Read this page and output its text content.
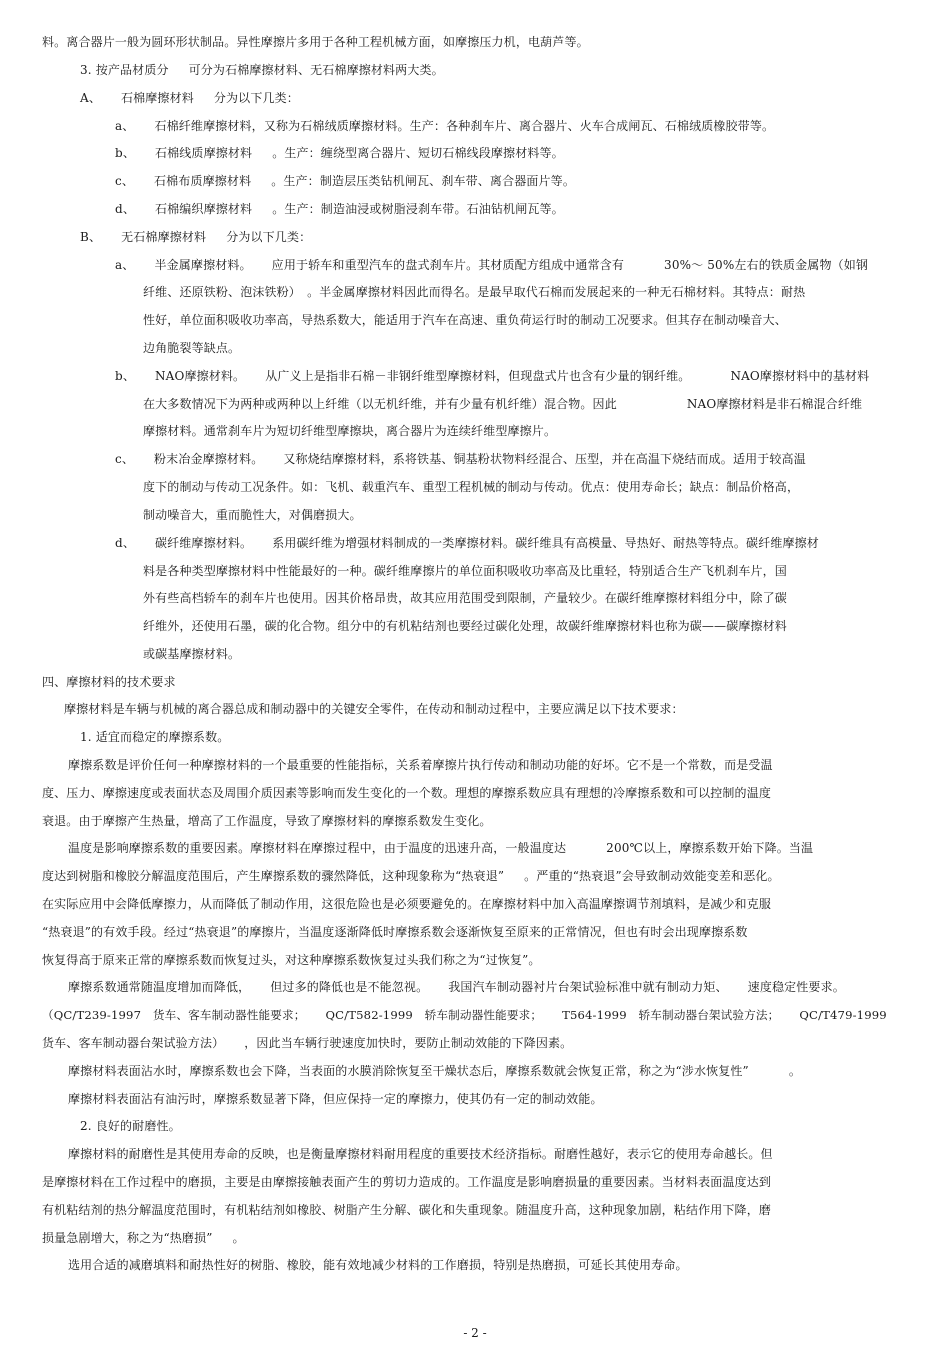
料。离合器片一般为圆环形状制品。异性摩擦片多用于各种工程机械方面，如摩擦压力机，电葫芦等。
3. 按产品材质分 可分为石棉摩擦材料、无石棉摩擦材料两大类。
A、 石棉摩擦材料 分为以下几类：
a、 石棉纤维摩擦材料，又称为石棉绒质摩擦材料。生产：各种刹车片、离合器片、火车合成闸瓦、石棉绒质橡胶带等。
b、 石棉线质摩擦材料 。生产：缠绕型离合器片、短切石棉线段摩擦材料等。
c、 石棉布质摩擦材料 。生产：制造层压类钻机闸瓦、刹车带、离合器面片等。
d、 石棉编织摩擦材料 。生产：制造油浸或树脂浸刹车带。石油钻机闸瓦等。
B、 无石棉摩擦材料 分为以下几类：
a、 半金属摩擦材料。 应用于轿车和重型汽车的盘式刹车片。其材质配方组成中通常含有	30%～ 50%左右的铁质金属物（如钢
纤维、还原铁粉、泡沫铁粉）　。半金属摩擦材料因此而得名。是最早取代石棉而发展起来的一种无石棉材料。其特点：耐热
性好，单位面积吸收功率高，导热系数大，能适用于汽车在高速、重负荷运行时的制动工况要求。但其存在制动噪音大、
边角脆裂等缺点。
b、 NAO摩擦材料。 从广义上是指非石棉－非钢纤维型摩擦材料，但现盘式片也含有少量的钢纤维。	NAO摩擦材料中的基材料
在大多数情况下为两种或两种以上纤维（以无机纤维，并有少量有机纤维）混合物。因此	NAO摩擦材料是非石棉混合纤维
摩擦材料。通常刹车片为短切纤维型摩擦块，离合器片为连续纤维型摩擦片。
c、 粉末冶金摩擦材料。 又称烧结摩擦材料，系将铁基、铜基粉状物料经混合、压型，并在高温下烧结而成。适用于较高温
度下的制动与传动工况条件。如：飞机、载重汽车、重型工程机械的制动与传动。优点：使用寿命长；缺点：制品价格高，
制动噪音大，重而脆性大，对偶磨损大。
d、 碳纤维摩擦材料。 系用碳纤维为增强材料制成的一类摩擦材料。碳纤维具有高模量、导热好、耐热等特点。碳纤维摩擦材
料是各种类型摩擦材料中性能最好的一种。碳纤维摩擦片的单位面积吸收功率高及比重轻，特别适合生产飞机刹车片，国
外有些高档轿车的刹车片也使用。因其价格昂贵，故其应用范围受到限制，产量较少。在碳纤维摩擦材料组分中，除了碳
纤维外，还使用石墨，碳的化合物。组分中的有机粘结剂也要经过碳化处理，故碳纤维摩擦材料也称为碳——碳摩擦材料
或碳基摩擦材料。
四、摩擦材料的技术要求
摩擦材料是车辆与机械的离合器总成和制动器中的关键安全零件，在传动和制动过程中，主要应满足以下技术要求：
1. 适宜而稳定的摩擦系数。
摩擦系数是评价任何一种摩擦材料的一个最重要的性能指标，关系着摩擦片执行传动和制动功能的好坏。它不是一个常数，而是受温
度、压力、摩擦速度或表面状态及周围介质因素等影响而发生变化的一个数。理想的摩擦系数应具有理想的冷摩擦系数和可以控制的温度
衰退。由于摩擦产生热量，增高了工作温度，导致了摩擦材料的摩擦系数发生变化。
温度是影响摩擦系数的重要因素。摩擦材料在摩擦过程中，由于温度的迅速升高，一般温度达	200℃以上，摩擦系数开始下降。当温
度达到树脂和橡胶分解温度范围后，产生摩擦系数的骤然降低，这种现象称为“热衰退” 。严重的“热衰退”会导致制动效能变差和恶化。
在实际应用中会降低摩擦力，从而降低了制动作用，这很危险也是必须要避免的。在摩擦材料中加入高温摩擦调节剂填料，是减少和克服
“热衰退”的有效手段。经过“热衰退”的摩擦片，当温度逐渐降低时摩擦系数会逐渐恢复至原来的正常情况，但也有时会出现摩擦系数
恢复得高于原来正常的摩擦系数而恢复过头，对这种摩擦系数恢复过头我们称之为“过恢复”。
摩擦系数通常随温度增加而降低， 但过多的降低也是不能忽视。 我国汽车制动器衬片台架试验标准中就有制动力矩、 速度稳定性要求。
（QC/T239-1997　货车、客车制动器性能要求； QC/T582-1999　轿车制动器性能要求； T564-1999　轿车制动器台架试验方法； QC/T479-1999
货车、客车制动器台架试验方法） ，因此当车辆行驶速度加快时，要防止制动效能的下降因素。
摩擦材料表面沾水时，摩擦系数也会下降，当表面的水膜消除恢复至干燥状态后，摩擦系数就会恢复正常，称之为“涉水恢复性”	。
摩擦材料表面沾有油污时，摩擦系数显著下降，但应保持一定的摩擦力，使其仍有一定的制动效能。
2. 良好的耐磨性。
摩擦材料的耐磨性是其使用寿命的反映，也是衡量摩擦材料耐用程度的重要技术经济指标。耐磨性越好，表示它的使用寿命越长。但
是摩擦材料在工作过程中的磨损，主要是由摩擦接触表面产生的剪切力造成的。工作温度是影响磨损量的重要因素。当材料表面温度达到
有机粘结剂的热分解温度范围时，有机粘结剂如橡胶、树脂产生分解、碳化和失重现象。随温度升高，这种现象加剧，粘结作用下降，磨
损量急剧增大，称之为“热磨损” 。
选用合适的减磨填料和耐热性好的树脂、橡胶，能有效地减少材料的工作磨损，特别是热磨损，可延长其使用寿命。
- 2 -
